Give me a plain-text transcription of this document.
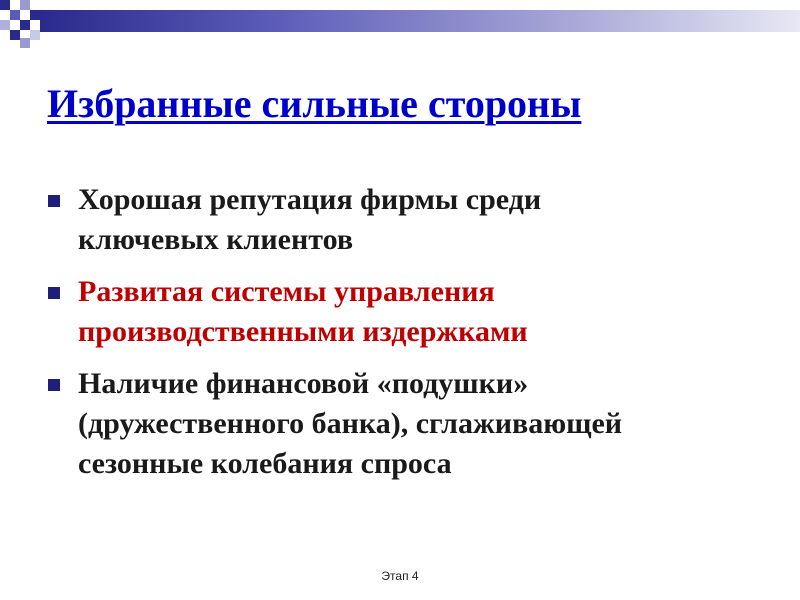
Избранные сильные стороны
Хорошая репутация фирмы среди
ключевых клиентов
Развитая системы управления
производственными издержками
Наличие финансовой «подушки»
(дружественного банка), сглаживающей
сезонные колебания спроса
Этап 4
